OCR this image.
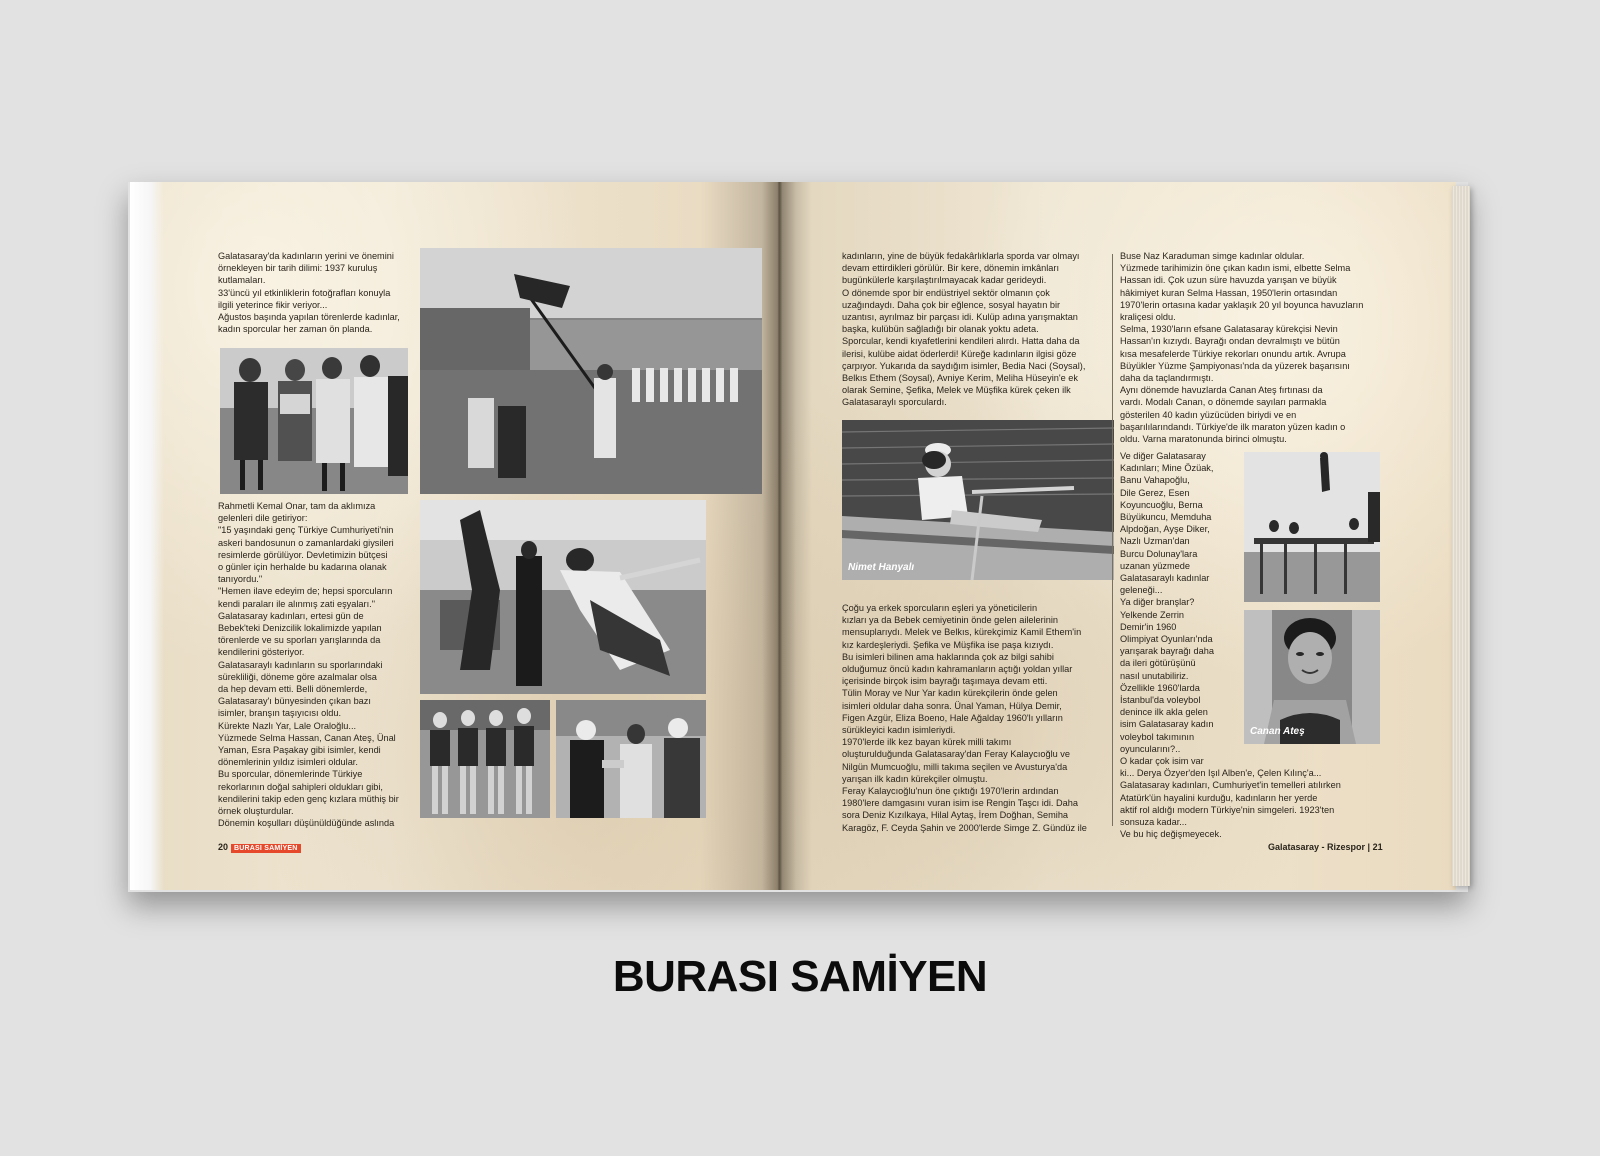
Galatasaray'da kadınların yerini ve önemini
örnekleyen bir tarih dilimi: 1937 kuruluş
kutlamaları.
33'üncü yıl etkinliklerin fotoğrafları konuyla
ilgili yeterince fikir veriyor...
Ağustos başında yapılan törenlerde kadınlar,
kadın sporcular her zaman ön planda.

Rahmetli Kemal Onar, tam da aklımıza
gelenleri dile getiriyor:
"15 yaşındaki genç Türkiye Cumhuriyeti'nin
askeri bandosunun o zamanlardaki giysileri
resimlerde görülüyor. Devletimizin bütçesi
o günler için herhalde bu kadarına olanak
tanıyordu."
"Hemen ilave edeyim de; hepsi sporcuların
kendi paraları ile alınmış zati eşyaları."
Galatasaray kadınları, ertesi gün de
Bebek'teki Denizcilik lokalimizde yapılan
törenlerde ve su sporları yarışlarında da
kendilerini gösteriyor.
Galatasaraylı kadınların su sporlarındaki
sürekliliği, döneme göre azalmalar olsa
da hep devam etti. Belli dönemlerde,
Galatasaray'ı bünyesinden çıkan bazı
isimler, branşın taşıyıcısı oldu.
Kürekte Nazlı Yar, Lale Oraloğlu...
Yüzmede Selma Hassan, Canan Ateş, Ünal
Yaman, Esra Paşakay gibi isimler, kendi
dönemlerinin yıldız isimleri oldular.
Bu sporcular, dönemlerinde Türkiye
rekorlarının doğal sahipleri oldukları gibi,
kendilerini takip eden genç kızlara müthiş bir
örnek oluşturdular.
Dönemin koşulları düşünüldüğünde aslında

20 BURASI SAMİYEN

kadınların, yine de büyük fedakârlıklarla sporda var olmayı
devam ettirdikleri görülür. Bir kere, dönemin imkânları
bugünkülerle karşılaştırılmayacak kadar gerideydi.
O dönemde spor bir endüstriyel sektör olmanın çok
uzağındaydı. Daha çok bir eğlence, sosyal hayatın bir
uzantısı, ayrılmaz bir parçası idi. Kulüp adına yarışmaktan
başka, kulübün sağladığı bir olanak yoktu adeta.
Sporcular, kendi kıyafetlerini kendileri alırdı. Hatta daha da
ilerisi, kulübe aidat öderlerdi! Küreğe kadınların ilgisi göze
çarpıyor. Yukarıda da saydığım isimler, Bedia Naci (Soysal),
Belkıs Ethem (Soysal), Avniye Kerim, Meliha Hüseyin'e ek
olarak Semine, Şefika, Melek ve Müşfika kürek çeken ilk
Galatasaraylı sporculardı.

Nimet Hanyalı

Çoğu ya erkek sporcuların eşleri ya yöneticilerin
kızları ya da Bebek cemiyetinin önde gelen ailelerinin
mensuplarıydı. Melek ve Belkıs, kürekçimiz Kamil Ethem'in
kız kardeşleriydi. Şefika ve Müşfika ise paşa kızıydı.
Bu isimleri bilinen ama haklarında çok az bilgi sahibi
olduğumuz öncü kadın kahramanların açtığı yoldan yıllar
içerisinde birçok isim bayrağı taşımaya devam etti.
Tülin Moray ve Nur Yar kadın kürekçilerin önde gelen
isimleri oldular daha sonra. Ünal Yaman, Hülya Demir,
Figen Azgür, Eliza Boeno, Hale Ağalday 1960'lı yılların
sürükleyici kadın isimleriydi.
1970'lerde ilk kez bayan kürek milli takımı
oluşturulduğunda Galatasaray'dan Feray Kalaycıoğlu ve
Nilgün Mumcuoğlu, milli takıma seçilen ve Avusturya'da
yarışan ilk kadın kürekçiler olmuştu.
Feray Kalaycıoğlu'nun öne çıktığı 1970'lerin ardından
1980'lere damgasını vuran isim ise Rengin Taşcı idi. Daha
sora Deniz Kızılkaya, Hilal Aytaş, İrem Doğhan, Semiha
Karagöz, F. Ceyda Şahin ve 2000'lerde Simge Z. Gündüz ile

Buse Naz Karaduman simge kadınlar oldular.
Yüzmede tarihimizin öne çıkan kadın ismi, elbette Selma
Hassan idi. Çok uzun süre havuzda yarışan ve büyük
hâkimiyet kuran Selma Hassan, 1950'lerin ortasından
1970'lerin ortasına kadar yaklaşık 20 yıl boyunca havuzların
kraliçesi oldu.
Selma, 1930'ların efsane Galatasaray kürekçisi Nevin
Hassan'ın kızıydı. Bayrağı ondan devralmıştı ve bütün
kısa mesafelerde Türkiye rekorları onundu artık. Avrupa
Büyükler Yüzme Şampiyonası'nda da yüzerek başarısını
daha da taçlandırmıştı.
Aynı dönemde havuzlarda Canan Ateş fırtınası da
vardı. Modalı Canan, o dönemde sayıları parmakla
gösterilen 40 kadın yüzücüden biriydi ve en
başarılılarındandı. Türkiye'de ilk maraton yüzen kadın o
oldu. Varna maratonunda birinci olmuştu.

Ve diğer Galatasaray
Kadınları; Mine Özüak,
Banu Vahapoğlu,
Dile Gerez, Esen
Koyuncuoğlu, Berna
Büyükuncu, Memduha
Alpdoğan, Ayşe Diker,
Nazlı Uzman'dan
Burcu Dolunay'lara
uzanan yüzmede
Galatasaraylı kadınlar
geleneği...
Ya diğer branşlar?
Yelkende Zerrin
Demir'in 1960
Olimpiyat Oyunları'nda
yarışarak bayrağı daha
da ileri götürüşünü
nasıl unutabiliriz.
Özellikle 1960'larda
İstanbul'da voleybol
denince ilk akla gelen
isim Galatasaray kadın
voleybol takımının
oyuncularını?..
O kadar çok isim var
ki... Derya Özyer'den Işıl Alben'e, Çelen Kılınç'a...
Galatasaray kadınları, Cumhuriyet'in temelleri atılırken
Atatürk'ün hayalini kurduğu, kadınların her yerde
aktif rol aldığı modern Türkiye'nin simgeleri. 1923'ten
sonsuza kadar...
Ve bu hiç değişmeyecek.

Canan Ateş
Galatasaray - Rizespor | 21
BURASI SAMİYEN
